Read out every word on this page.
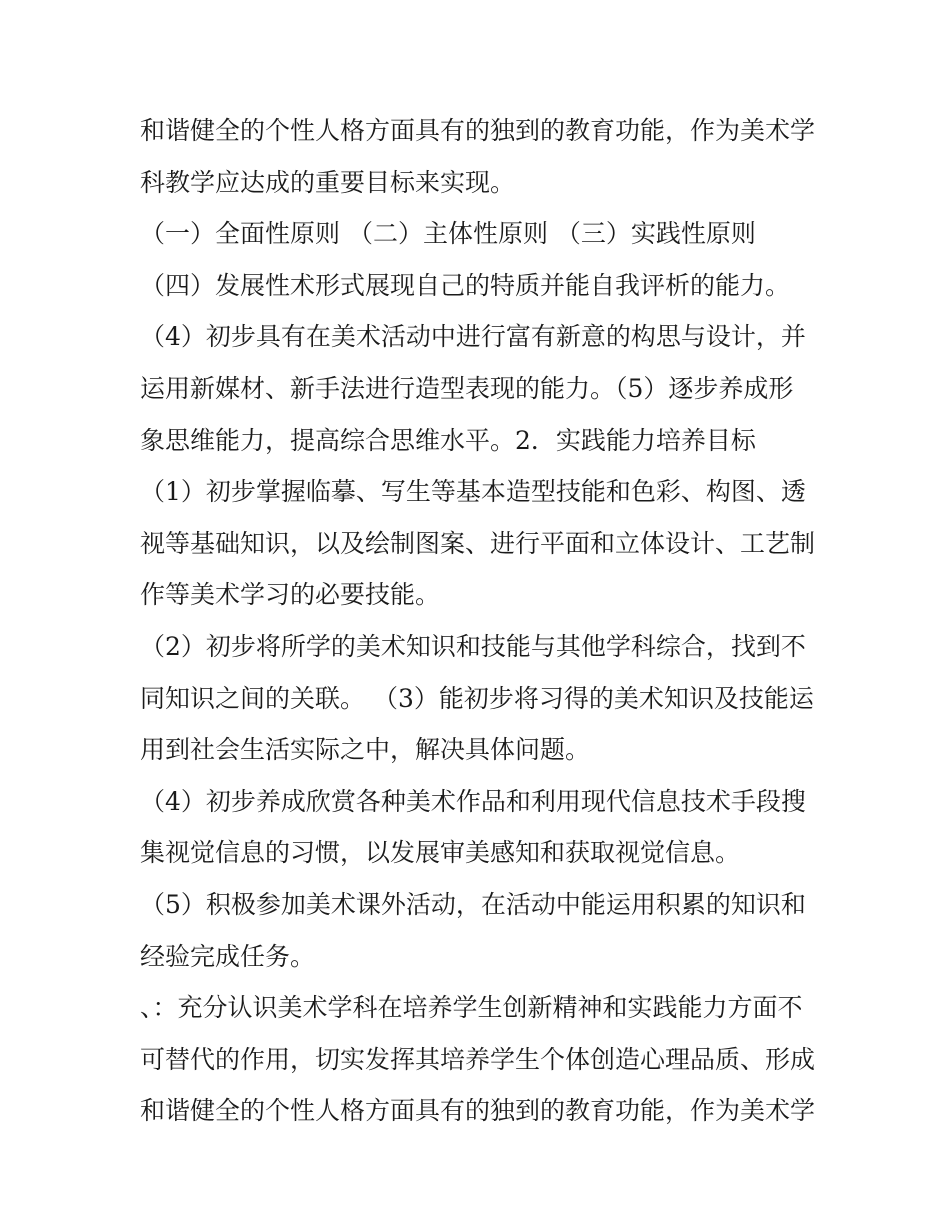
和谐健全的个性人格方面具有的独到的教育功能，作为美术学
科教学应达成的重要目标来实现。
（一）全面性原则 （二）主体性原则 （三）实践性原则
（四）发展性术形式展现自己的特质并能自我评析的能力。
（4）初步具有在美术活动中进行富有新意的构思与设计，并
运用新媒材、新手法进行造型表现的能力。（5）逐步养成形
象思维能力，提高综合思维水平。2．实践能力培养目标
（1）初步掌握临摹、写生等基本造型技能和色彩、构图、透
视等基础知识，以及绘制图案、进行平面和立体设计、工艺制
作等美术学习的必要技能。
（2）初步将所学的美术知识和技能与其他学科综合，找到不
同知识之间的关联。 （3）能初步将习得的美术知识及技能运
用到社会生活实际之中，解决具体问题。
（4）初步养成欣赏各种美术作品和利用现代信息技术手段搜
集视觉信息的习惯，以发展审美感知和获取视觉信息。
（5）积极参加美术课外活动，在活动中能运用积累的知识和
经验完成任务。
、：充分认识美术学科在培养学生创新精神和实践能力方面不
可替代的作用，切实发挥其培养学生个体创造心理品质、形成
和谐健全的个性人格方面具有的独到的教育功能，作为美术学
